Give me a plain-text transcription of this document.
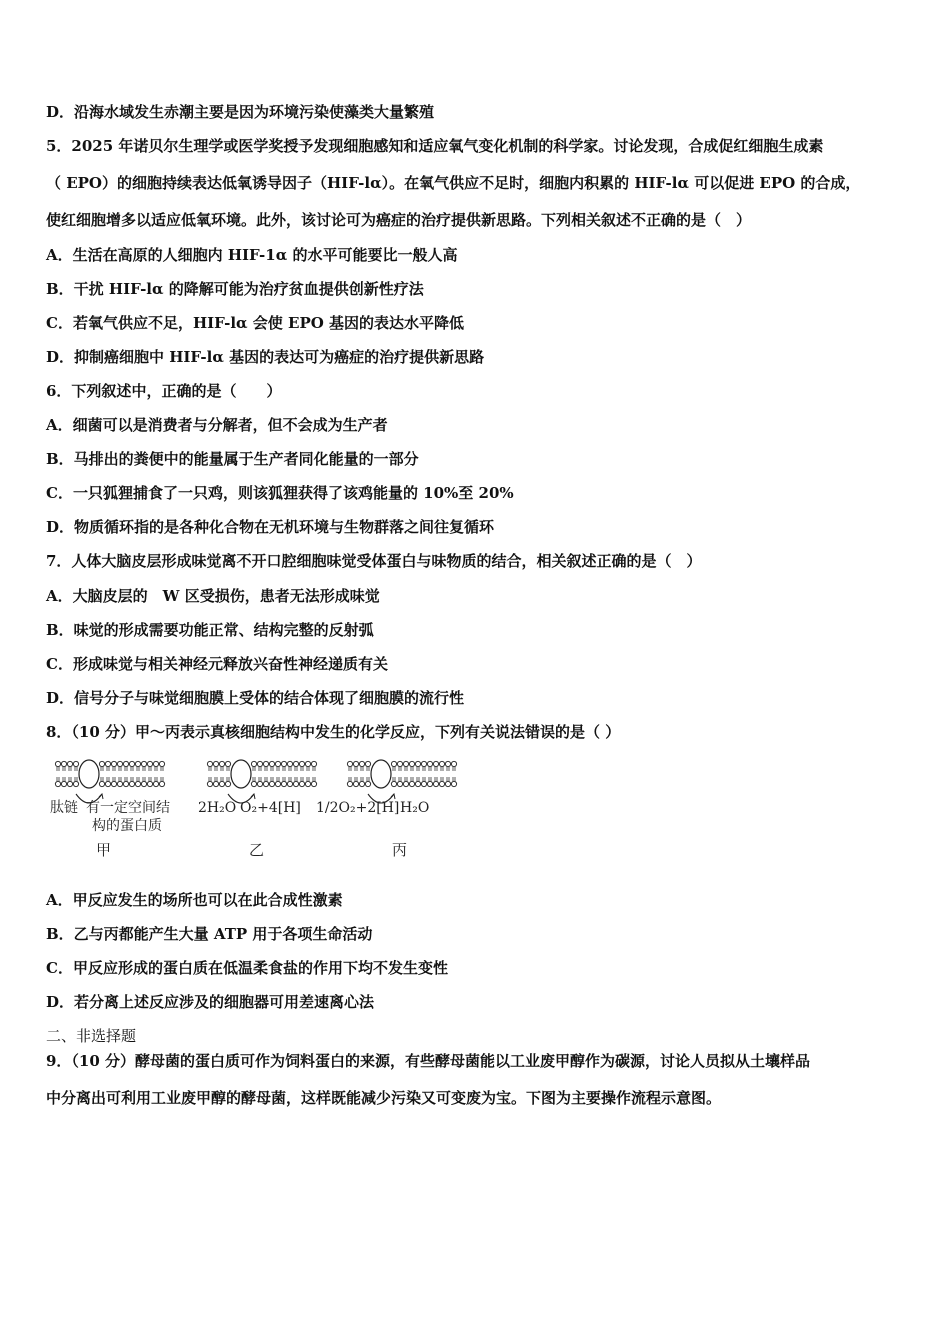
D．沿海水域发生赤潮主要是因为环境污染使藻类大量繁殖
5．2025 年诺贝尔生理学或医学奖授予发现细胞感知和适应氧气变化机制的科学家。讨论发现，合成促红细胞生成素
（ EPO）的细胞持续表达低氧诱导因子（HIF-lα）。在氧气供应不足时，细胞内积累的 HIF-lα 可以促进 EPO 的合成，
使红细胞增多以适应低氧环境。此外，该讨论可为癌症的治疗提供新思路。下列相关叙述不正确的是（　）
A．生活在高原的人细胞内 HIF-1α 的水平可能要比一般人高
B．干扰 HIF-lα 的降解可能为治疗贫血提供创新性疗法
C．若氧气供应不足，HIF-lα 会使 EPO 基因的表达水平降低
D．抑制癌细胞中 HIF-lα 基因的表达可为癌症的治疗提供新思路
6．下列叙述中，正确的是（　　）
A．细菌可以是消费者与分解者，但不会成为生产者
B．马排出的粪便中的能量属于生产者同化能量的一部分
C．一只狐狸捕食了一只鸡，则该狐狸获得了该鸡能量的 10%至 20%
D．物质循环指的是各种化合物在无机环境与生物群落之间往复循环
7．人体大脑皮层形成味觉离不开口腔细胞味觉受体蛋白与味物质的结合，相关叙述正确的是（　）
A．大脑皮层的　W 区受损伤，患者无法形成味觉
B．味觉的形成需要功能正常、结构完整的反射弧
C．形成味觉与相关神经元释放兴奋性神经递质有关
D．信号分子与味觉细胞膜上受体的结合体现了细胞膜的流行性
8．（10 分）甲～丙表示真核细胞结构中发生的化学反应，下列有关说法错误的是（ ）
肽链 有一定空间结
构的蛋白质
甲
2H₂O O₂+4[H]
乙
1/2O₂+2[H] H₂O
丙
A．甲反应发生的场所也可以在此合成性激素
B．乙与丙都能产生大量 ATP 用于各项生命活动
C．甲反应形成的蛋白质在低温柔食盐的作用下均不发生变性
D．若分离上述反应涉及的细胞器可用差速离心法
二、非选择题
9．（10 分）酵母菌的蛋白质可作为饲料蛋白的来源，有些酵母菌能以工业废甲醇作为碳源，讨论人员拟从土壤样品
中分离出可利用工业废甲醇的酵母菌，这样既能减少污染又可变废为宝。下图为主要操作流程示意图。
